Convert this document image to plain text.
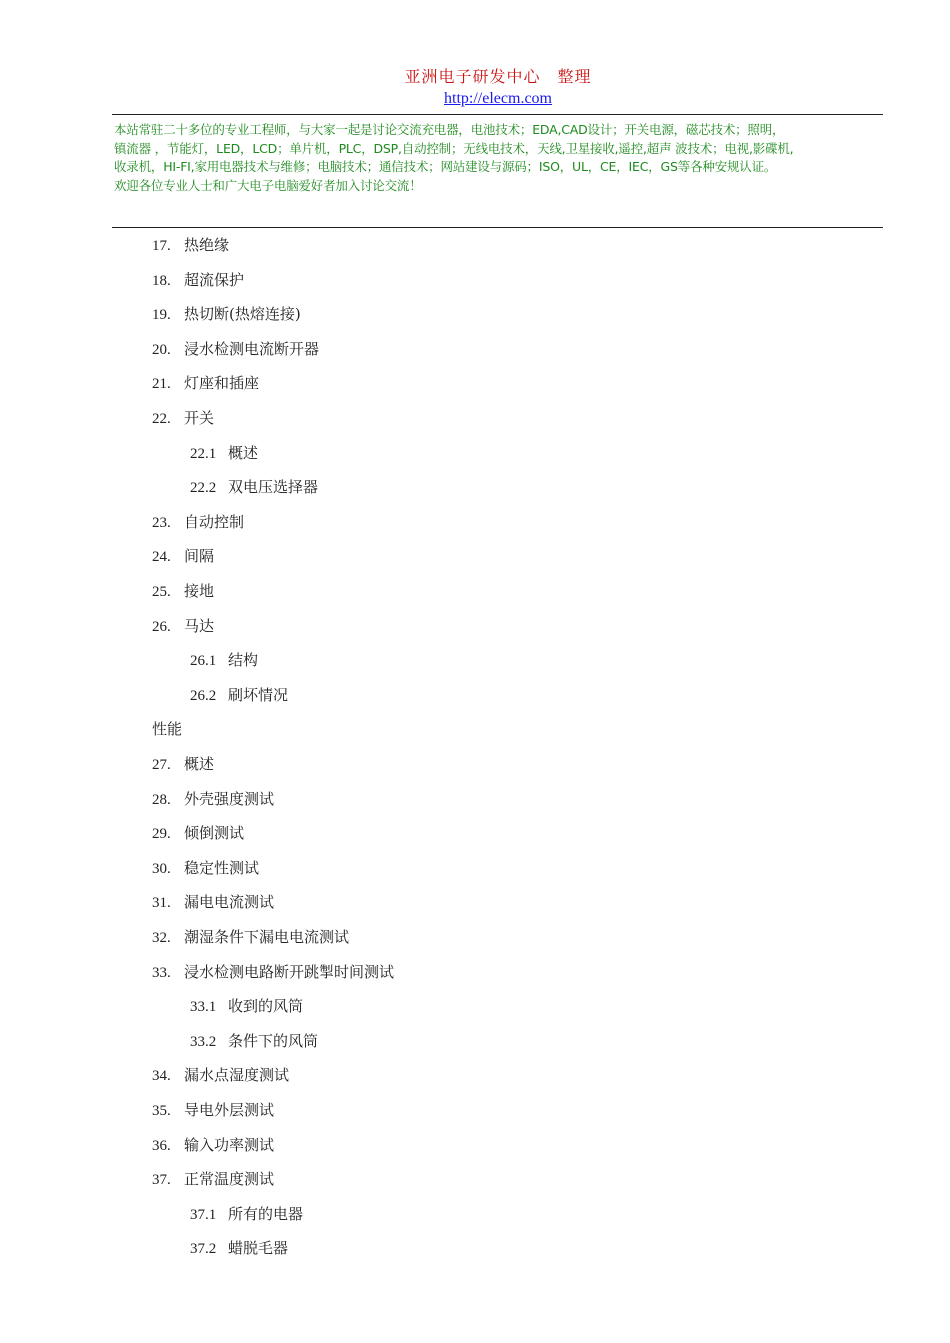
亚洲电子研发中心　整理
http://elecm.com

本站常驻二十多位的专业工程师，与大家一起是讨论交流充电器，电池技术；EDA,CAD设计；开关电源，磁芯技术；照明，

镇流器 ，节能灯，LED，LCD；单片机，PLC，DSP,自动控制；无线电技术，天线,卫星接收,遥控,超声 波技术；电视,影碟机,

收录机，HI-FI,家用电器技术与维修；电脑技术；通信技术；网站建设与源码；ISO，UL，CE，IEC，GS等各种安规认证。

欢迎各位专业人士和广大电子电脑爱好者加入讨论交流！

17. 热绝缘
18. 超流保护
19. 热切断(热熔连接)
20. 浸水检测电流断开器
21. 灯座和插座
22. 开关
22.1 概述
22.2 双电压选择器
23. 自动控制
24. 间隔
25. 接地
26. 马达
26.1 结构
26.2 刷坏情况
性能
27. 概述
28. 外壳强度测试
29. 倾倒测试
30. 稳定性测试
31. 漏电电流测试
32. 潮湿条件下漏电电流测试
33. 浸水检测电路断开跳掣时间测试
33.1 收到的风筒
33.2 条件下的风筒
34. 漏水点湿度测试
35. 导电外层测试
36. 输入功率测试
37. 正常温度测试
37.1 所有的电器
37.2 蜡脱毛器
